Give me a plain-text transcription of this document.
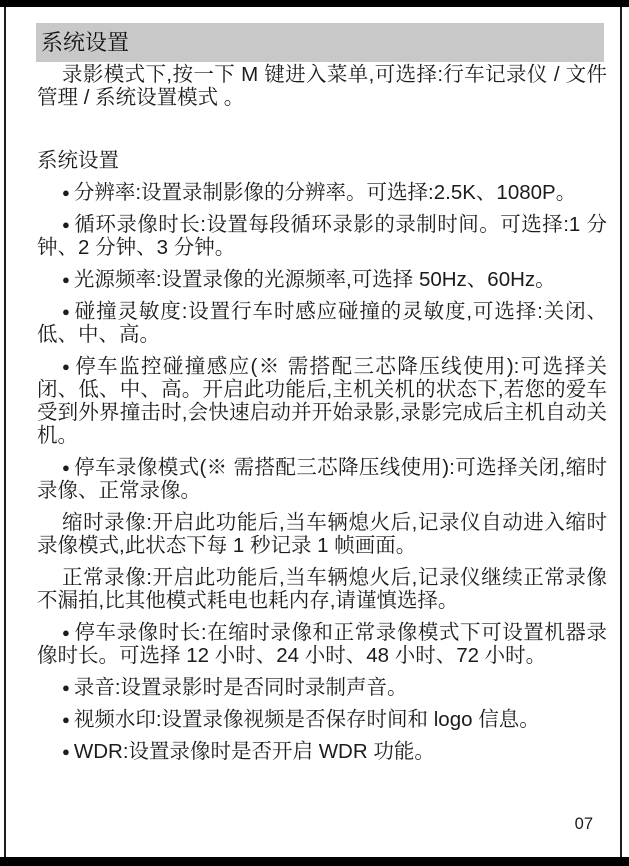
系统设置

录影模式下,按一下 M 键进入菜单,可选择:行车记录仪 / 文件管理 / 系统设置模式 。

系统设置

● 分辨率:设置录制影像的分辨率。可选择:2.5K、1080P。

● 循环录像时长:设置每段循环录影的录制时间。可选择:1 分钟、2 分钟、3 分钟。

● 光源频率:设置录像的光源频率,可选择 50Hz、60Hz。

● 碰撞灵敏度:设置行车时感应碰撞的灵敏度,可选择:关闭、低、中、高。

● 停车监控碰撞感应(※ 需搭配三芯降压线使用):可选择关闭、低、中、高。开启此功能后,主机关机的状态下,若您的爱车受到外界撞击时,会快速启动并开始录影,录影完成后主机自动关机。

● 停车录像模式(※ 需搭配三芯降压线使用):可选择关闭,缩时录像、正常录像。

缩时录像:开启此功能后,当车辆熄火后,记录仪自动进入缩时录像模式,此状态下每 1 秒记录 1 帧画面。

正常录像:开启此功能后,当车辆熄火后,记录仪继续正常录像不漏拍,比其他模式耗电也耗内存,请谨慎选择。

● 停车录像时长:在缩时录像和正常录像模式下可设置机器录像时长。可选择 12 小时、24 小时、48 小时、72 小时。

● 录音:设置录影时是否同时录制声音。

● 视频水印:设置录像视频是否保存时间和 logo 信息。

● WDR:设置录像时是否开启 WDR 功能。

07
